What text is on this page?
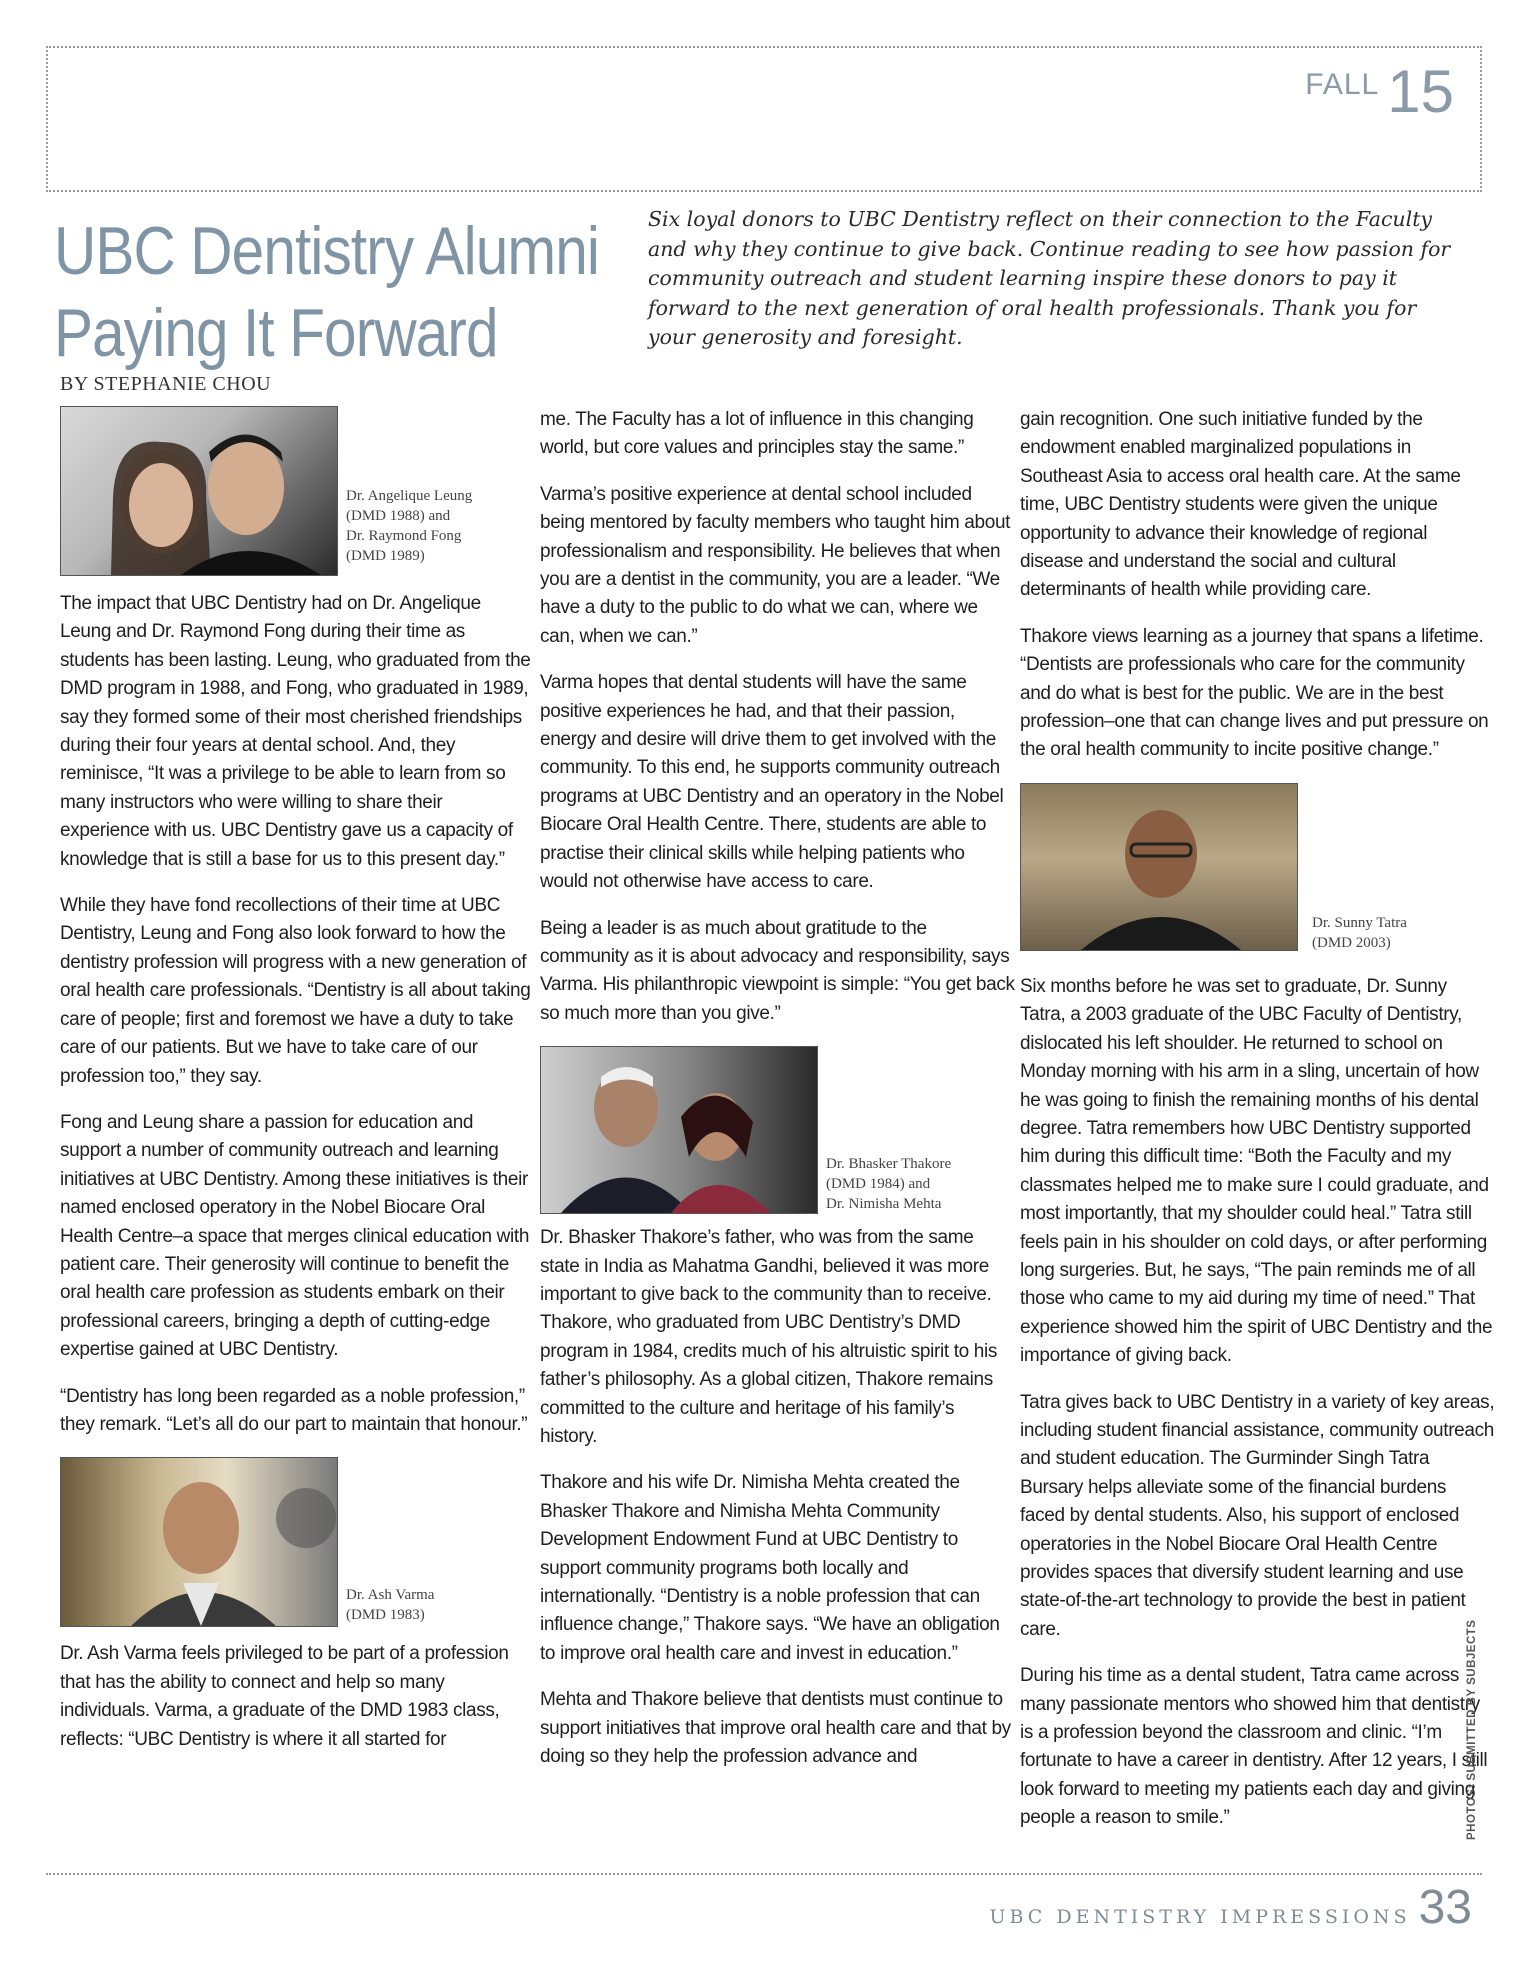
FALL 15
UBC Dentistry Alumni
Paying It Forward
Six loyal donors to UBC Dentistry reflect on their connection to the Faculty and why they continue to give back. Continue reading to see how passion for community outreach and student learning inspire these donors to pay it forward to the next generation of oral health professionals. Thank you for your generosity and foresight.
BY STEPHANIE CHOU
Dr. Angelique Leung
(DMD 1988) and
Dr. Raymond Fong
(DMD 1989)

The impact that UBC Dentistry had on Dr. Angelique Leung and Dr. Raymond Fong during their time as students has been lasting. Leung, who graduated from the DMD program in 1988, and Fong, who graduated in 1989, say they formed some of their most cherished friendships during their four years at dental school. And, they reminisce, “It was a privilege to be able to learn from so many instructors who were willing to share their experience with us. UBC Dentistry gave us a capacity of knowledge that is still a base for us to this present day.”

While they have fond recollections of their time at UBC Dentistry, Leung and Fong also look forward to how the dentistry profession will progress with a new generation of oral health care professionals. “Dentistry is all about taking care of people; first and foremost we have a duty to take care of our patients. But we have to take care of our profession too,” they say.

Fong and Leung share a passion for education and support a number of community outreach and learning initiatives at UBC Dentistry. Among these initiatives is their named enclosed operatory in the Nobel Biocare Oral Health Centre–a space that merges clinical education with patient care. Their generosity will continue to benefit the oral health care profession as students embark on their professional careers, bringing a depth of cutting-edge expertise gained at UBC Dentistry.

“Dentistry has long been regarded as a noble profession,” they remark. “Let’s all do our part to maintain that honour.”

Dr. Ash Varma
(DMD 1983)

Dr. Ash Varma feels privileged to be part of a profession that has the ability to connect and help so many individuals. Varma, a graduate of the DMD 1983 class, reflects: “UBC Dentistry is where it all started for

me. The Faculty has a lot of influence in this changing world, but core values and principles stay the same.”

Varma’s positive experience at dental school included being mentored by faculty members who taught him about professionalism and responsibility. He believes that when you are a dentist in the community, you are a leader. “We have a duty to the public to do what we can, where we can, when we can.”

Varma hopes that dental students will have the same positive experiences he had, and that their passion, energy and desire will drive them to get involved with the community. To this end, he supports community outreach programs at UBC Dentistry and an operatory in the Nobel Biocare Oral Health Centre. There, students are able to practise their clinical skills while helping patients who would not otherwise have access to care.

Being a leader is as much about gratitude to the community as it is about advocacy and responsibility, says Varma. His philanthropic viewpoint is simple: “You get back so much more than you give.”

Dr. Bhasker Thakore
(DMD 1984) and
Dr. Nimisha Mehta

Dr. Bhasker Thakore’s father, who was from the same state in India as Mahatma Gandhi, believed it was more important to give back to the community than to receive. Thakore, who graduated from UBC Dentistry’s DMD program in 1984, credits much of his altruistic spirit to his father’s philosophy. As a global citizen, Thakore remains committed to the culture and heritage of his family’s history.

Thakore and his wife Dr. Nimisha Mehta created the Bhasker Thakore and Nimisha Mehta Community Development Endowment Fund at UBC Dentistry to support community programs both locally and internationally. “Dentistry is a noble profession that can influence change,” Thakore says. “We have an obligation to improve oral health care and invest in education.”

Mehta and Thakore believe that dentists must continue to support initiatives that improve oral health care and that by doing so they help the profession advance and

gain recognition. One such initiative funded by the endowment enabled marginalized populations in Southeast Asia to access oral health care. At the same time, UBC Dentistry students were given the unique opportunity to advance their knowledge of regional disease and understand the social and cultural determinants of health while providing care.

Thakore views learning as a journey that spans a lifetime. “Dentists are professionals who care for the community and do what is best for the public. We are in the best profession–one that can change lives and put pressure on the oral health community to incite positive change.”

Dr. Sunny Tatra
(DMD 2003)

Six months before he was set to graduate, Dr. Sunny Tatra, a 2003 graduate of the UBC Faculty of Dentistry, dislocated his left shoulder. He returned to school on Monday morning with his arm in a sling, uncertain of how he was going to finish the remaining months of his dental degree. Tatra remembers how UBC Dentistry supported him during this difficult time: “Both the Faculty and my classmates helped me to make sure I could graduate, and most importantly, that my shoulder could heal.” Tatra still feels pain in his shoulder on cold days, or after performing long surgeries. But, he says, “The pain reminds me of all those who came to my aid during my time of need.” That experience showed him the spirit of UBC Dentistry and the importance of giving back.

Tatra gives back to UBC Dentistry in a variety of key areas, including student financial assistance, community outreach and student education. The Gurminder Singh Tatra Bursary helps alleviate some of the financial burdens faced by dental students. Also, his support of enclosed operatories in the Nobel Biocare Oral Health Centre provides spaces that diversify student learning and use state-of-the-art technology to provide the best in patient care.

During his time as a dental student, Tatra came across many passionate mentors who showed him that dentistry is a profession beyond the classroom and clinic. “I’m fortunate to have a career in dentistry. After 12 years, I still look forward to meeting my patients each day and giving people a reason to smile.”	PHOTOS: SUBMITTED BY SUBJECTS
UBC DENTISTRY IMPRESSIONS 33
